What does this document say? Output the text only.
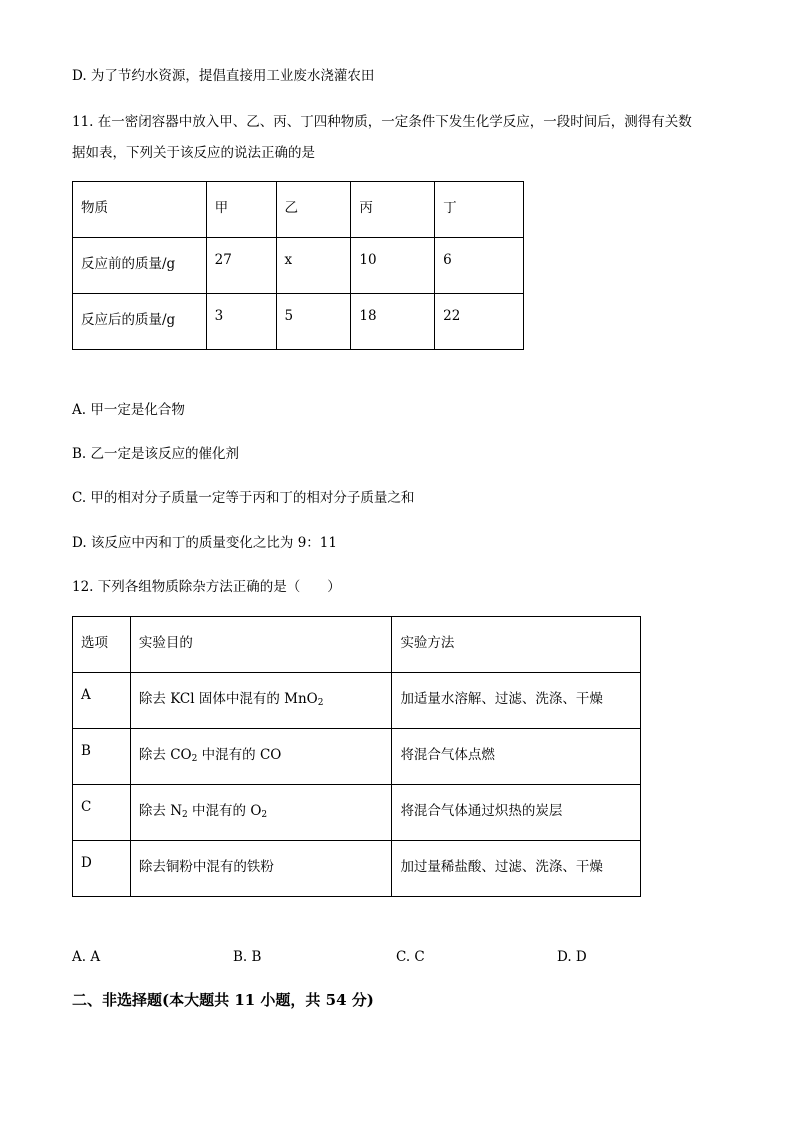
D. 为了节约水资源，提倡直接用工业废水浇灌农田
11. 在一密闭容器中放入甲、乙、丙、丁四种物质，一定条件下发生化学反应，一段时间后，测得有关数
据如表，下列关于该反应的说法正确的是
物质	甲	乙	丙	丁
反应前的质量/g	27	x	10	6
反应后的质量/g	3	5	18	22
A. 甲一定是化合物
B. 乙一定是该反应的催化剂
C. 甲的相对分子质量一定等于丙和丁的相对分子质量之和
D. 该反应中丙和丁的质量变化之比为 9：11
12. 下列各组物质除杂方法正确的是（　　）
选项	实验目的	实验方法
A	除去 KCl 固体中混有的 MnO$_2$	加适量水溶解、过滤、洗涤、干燥
B	除去 $CO_2$ 中混有的 CO	将混合气体点燃
C	除去 $N_2$ 中混有的 $O_2$	将混合气体通过炽热的炭层
D	除去铜粉中混有的铁粉	加过量稀盐酸、过滤、洗涤、干燥
A. A	B. B	C. C	D. D
二、非选择题(本大题共 11 小题，共 54 分)
